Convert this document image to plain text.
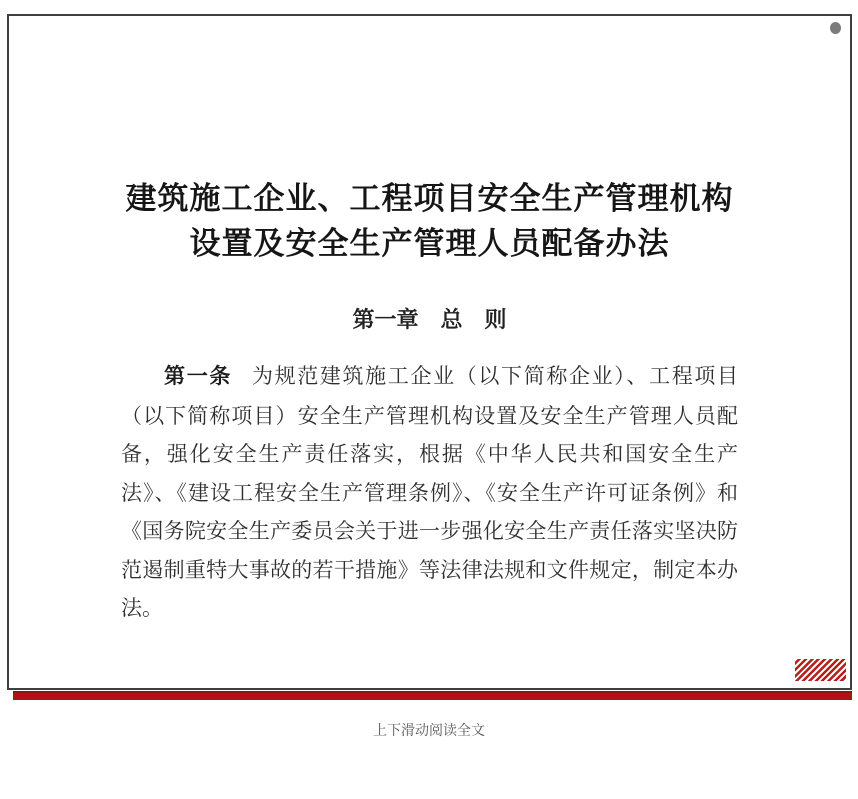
建筑施工企业、工程项目安全生产管理机构
设置及安全生产管理人员配备办法
第一章　总　则

第一条 为规范建筑施工企业（以下简称企业）、工程项目（以下简称项目）安全生产管理机构设置及安全生产管理人员配备，强化安全生产责任落实，根据《中华人民共和国安全生产法》、《建设工程安全生产管理条例》、《安全生产许可证条例》和《国务院安全生产委员会关于进一步强化安全生产责任落实坚决防范遏制重特大事故的若干措施》等法律法规和文件规定，制定本办法。

上下滑动阅读全文
